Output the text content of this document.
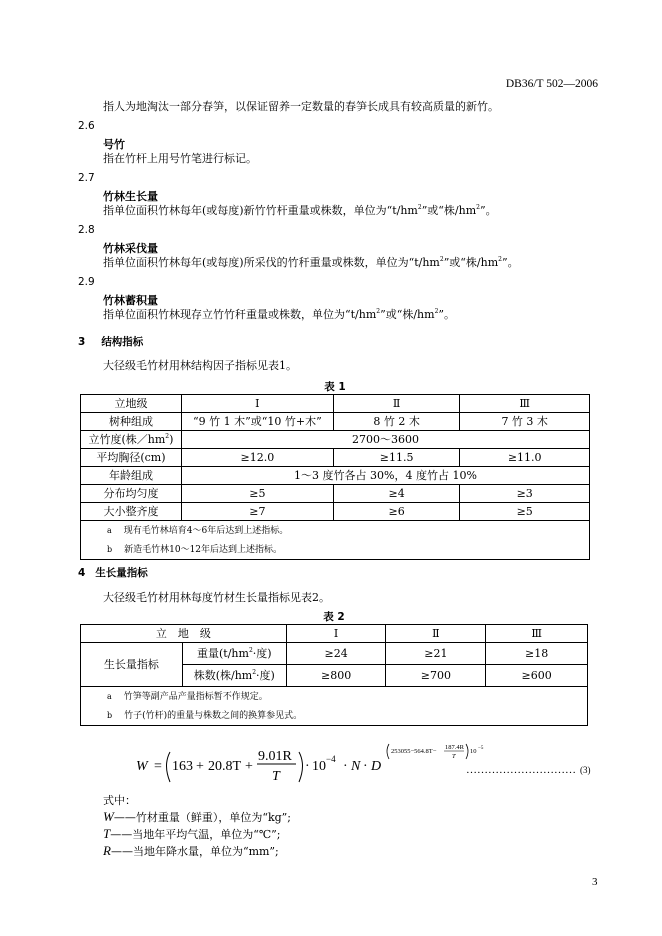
DB36/T 502—2006
指人为地淘汰一部分春笋，以保证留养一定数量的春笋长成具有较高质量的新竹。
2.6
号竹
指在竹杆上用号竹笔进行标记。
2.7
竹林生长量
指单位面积竹林每年(或每度)新竹竹杆重量或株数，单位为“$t/hm^2$”或“株$/hm^2$”。
2.8
竹林采伐量
指单位面积竹林每年(或每度)所采伐的竹秆重量或株数，单位为“$t/hm^2$”或“株$/hm^2$”。
2.9
竹林蓄积量
指单位面积竹林现存立竹竹秆重量或株数，单位为“$t/hm^2$”或“株$/hm^2$”。
3 结构指标
大径级毛竹材用林结构因子指标见表1。
表 1
立地级	Ⅰ	Ⅱ	Ⅲ
树种组成	“9 竹 1 木”或“10 竹+木”	8 竹 2 木	7 竹 3 木
立竹度(株$/hm^2$)	2700～3600		
平均胸径(cm)	≥12.0	≥11.5	≥11.0
年龄组成	1～3 度竹各占 30%，4 度竹占 10%		
分布均匀度	≥5	≥4	≥3
大小整齐度	≥7	≥6	≥5
a 现有毛竹林培育4～6年后达到上述指标。			
b 新造毛竹林10～12年后达到上述指标。			
4 生长量指标
大径级毛竹材用林每度竹材生长量指标见表2。
表 2
立　地　级		Ⅰ	Ⅱ	Ⅲ
生长量指标	重量($t/hm^2\cdot$度)	≥24	≥21	≥18
	株数(株$/hm^2\cdot$度)	≥800	≥700	≥600
a 竹笋等副产品产量指标暂不作规定。				
b 竹子(竹杆)的重量与株数之间的换算参见式。				
W = 163 + 20.8T +
9.01R
T
· 10 −4 · N · D
253055−564.8T−
187.4R
T
10 −5
………………………… (3)
式中：
W——竹材重量（鲜重），单位为“kg”;
T——当地年平均气温，单位为“℃”;
R——当地年降水量，单位为“mm”;
3
